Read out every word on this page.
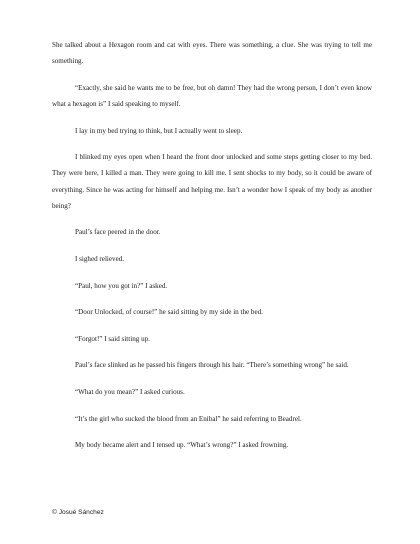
She talked about a Hexagon room and cat with eyes. There was something, a clue. She was trying to tell me something.

“Exactly, she said he wants me to be free, but oh damn! They had the wrong person, I don’t even know what a hexagon is” I said speaking to myself.

I lay in my bed trying to think, but I actually went to sleep.

I blinked my eyes open when I heard the front door unlocked and some steps getting closer to my bed. They were here, I killed a man. They were going to kill me. I sent shocks to my body, so it could be aware of everything. Since he was acting for himself and helping me. Isn’t a wonder how I speak of my body as another being?

Paul’s face peered in the door.

I sighed relieved.

“Paul, how you got in?” I asked.

“Door Unlocked, of course!” he said sitting by my side in the bed.

“Forgot!” I said sitting up.

Paul’s face slinked as he passed his fingers through his hair. “There’s something wrong” he said.

“What do you mean?” I asked curious.

“It’s the girl who sucked the blood from an Enibal” he said referring to Beadrel.

My body became alert and I tensed up. “What’s wrong?” I asked frowning.

© Josué Sánchez
